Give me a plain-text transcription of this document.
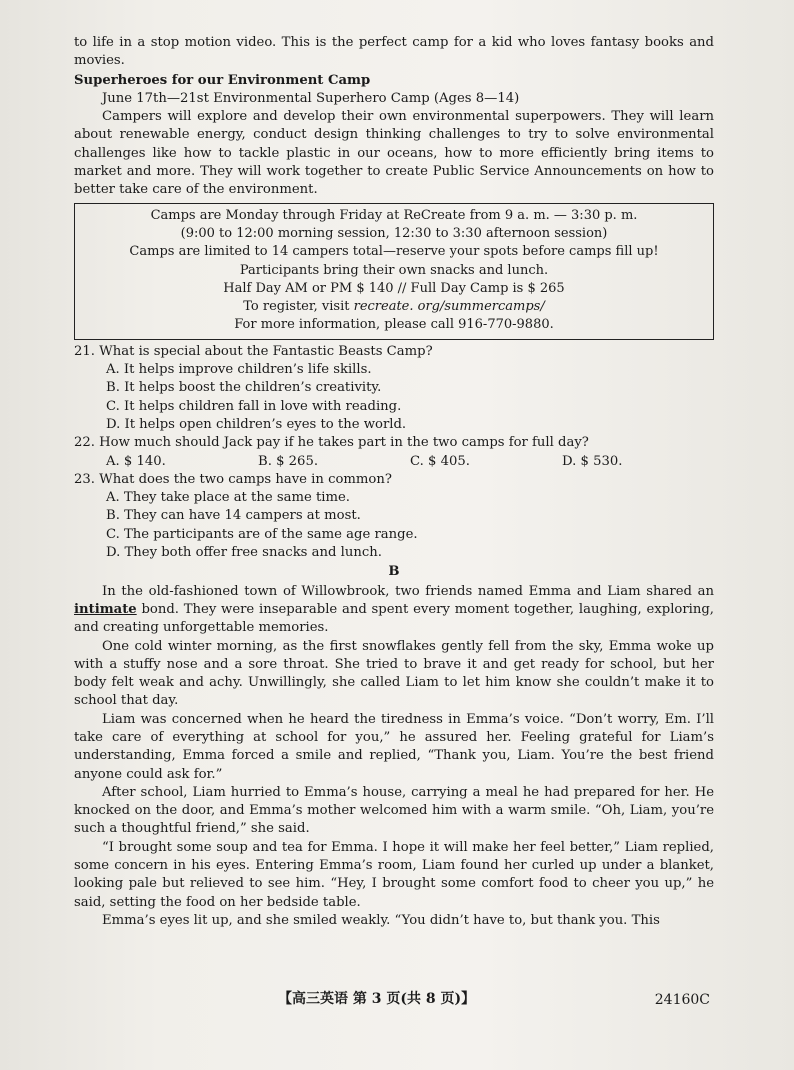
to life in a stop motion video. This is the perfect camp for a kid who loves fantasy books and movies.

Superheroes for our Environment Camp

June 17th—21st Environmental Superhero Camp (Ages 8—14)

Campers will explore and develop their own environmental superpowers. They will learn about renewable energy, conduct design thinking challenges to try to solve environmental challenges like how to tackle plastic in our oceans, how to more efficiently bring items to market and more. They will work together to create Public Service Announcements on how to better take care of the environment.

Camps are Monday through Friday at ReCreate from 9 a. m. — 3:30 p. m.
(9:00 to 12:00 morning session, 12:30 to 3:30 afternoon session)
Camps are limited to 14 campers total—reserve your spots before camps fill up!
Participants bring their own snacks and lunch.
Half Day AM or PM $ 140 // Full Day Camp is $ 265
To register, visit recreate. org/summercamps/
For more information, please call 916-770-9880.

21. What is special about the Fantastic Beasts Camp?

A. It helps improve children’s life skills.

B. It helps boost the children’s creativity.

C. It helps children fall in love with reading.

D. It helps open children’s eyes to the world.

22. How much should Jack pay if he takes part in the two camps for full day?

A. $ 140.	B. $ 265.	C. $ 405.	D. $ 530.

23. What does the two camps have in common?

A. They take place at the same time.

B. They can have 14 campers at most.

C. The participants are of the same age range.

D. They both offer free snacks and lunch.

B

In the old-fashioned town of Willowbrook, two friends named Emma and Liam shared an intimate bond. They were inseparable and spent every moment together, laughing, exploring, and creating unforgettable memories.

One cold winter morning, as the first snowflakes gently fell from the sky, Emma woke up with a stuffy nose and a sore throat. She tried to brave it and get ready for school, but her body felt weak and achy. Unwillingly, she called Liam to let him know she couldn’t make it to school that day.

Liam was concerned when he heard the tiredness in Emma’s voice. “Don’t worry, Em. I’ll take care of everything at school for you,” he assured her. Feeling grateful for Liam’s understanding, Emma forced a smile and replied, “Thank you, Liam. You’re the best friend anyone could ask for.”

After school, Liam hurried to Emma’s house, carrying a meal he had prepared for her. He knocked on the door, and Emma’s mother welcomed him with a warm smile. “Oh, Liam, you’re such a thoughtful friend,” she said.

“I brought some soup and tea for Emma. I hope it will make her feel better,” Liam replied, some concern in his eyes. Entering Emma’s room, Liam found her curled up under a blanket, looking pale but relieved to see him. “Hey, I brought some comfort food to cheer you up,” he said, setting the food on her bedside table.

Emma’s eyes lit up, and she smiled weakly. “You didn’t have to, but thank you. This

【高三英语 第 3 页(共 8 页)】	24160C
